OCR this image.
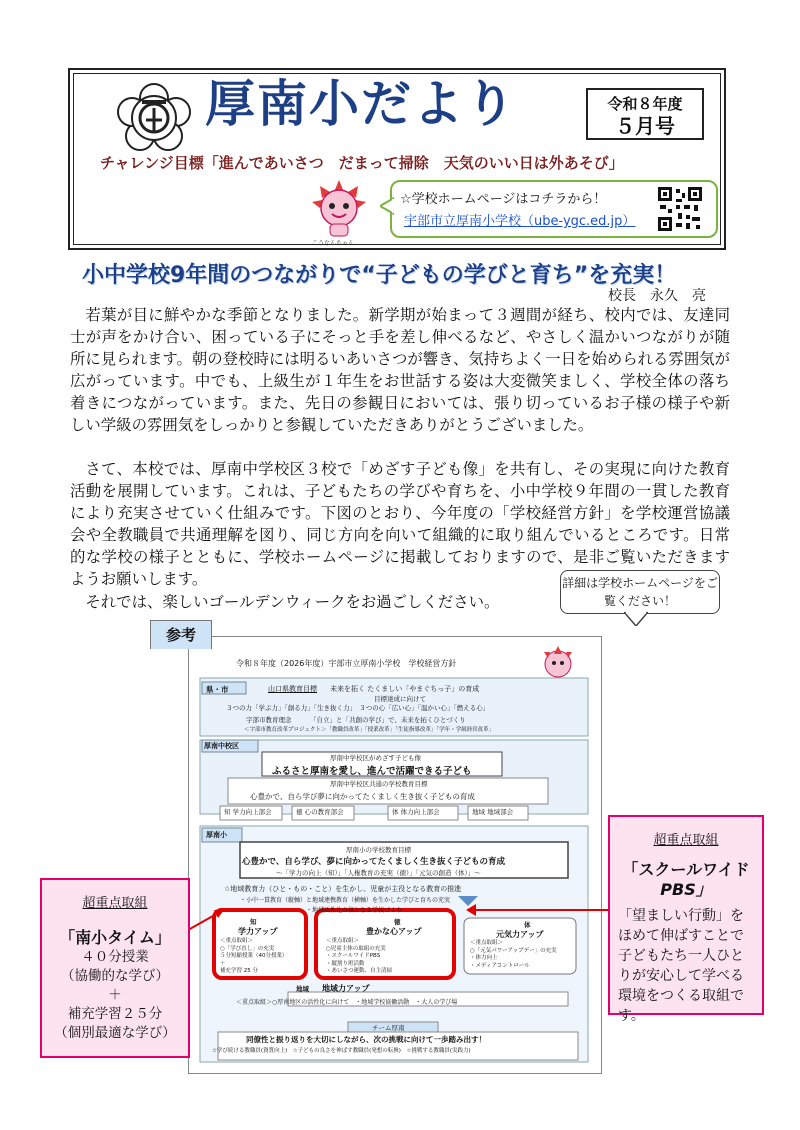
厚南小だより	令和８年度
５月号
チャレンジ目標「進んであいさつ　だまって掃除　天気のいい日は外あそび」
こうなんちゃん
☆学校ホームページはコチラから！
宇部市立厚南小学校（ube-ygc.ed.jp）
小中学校9年間のつながりで“子どもの学びと育ち”を充実！
校長　永久　亮
若葉が目に鮮やかな季節となりました。新学期が始まって３週間が経ち、校内では、友達同士が声をかけ合い、困っている子にそっと手を差し伸べるなど、やさしく温かいつながりが随所に見られます。朝の登校時には明るいあいさつが響き、気持ちよく一日を始められる雰囲気が広がっています。中でも、上級生が１年生をお世話する姿は大変微笑ましく、学校全体の落ち着きにつながっています。また、先日の参観日においては、張り切っているお子様の様子や新しい学級の雰囲気をしっかりと参観していただきありがとうございました。
さて、本校では、厚南中学校区３校で「めざす子ども像」を共有し、その実現に向けた教育活動を展開しています。これは、子どもたちの学びや育ちを、小中学校９年間の一貫した教育により充実させていく仕組みです。下図のとおり、今年度の「学校経営方針」を学校運営協議会や全教職員で共通理解を図り、同じ方向を向いて組織的に取り組んでいるところです。日常的な学校の様子とともに、学校ホームページに掲載しておりますので、是非ご覧いただきますようお願いします。
それでは、楽しいゴールデンウィークをお過ごしください。
詳細は学校ホームページをご覧ください！
参考
令和８年度（2026年度）宇部市立厚南小学校　学校経営方針
県・市	山口県教育目標 未来を拓く たくましい「やまぐちっ子」の育成
目標達成に向けて
３つの力「学ぶ力」「創る力」「生き抜く力」　３つの心「広い心」「温かい心」「燃える心」
宇部市教育理念	「自立」と「共創の学び」で、未来を拓くひとづくり
＜宇部市教育改革プロジェクト＞「教職員改革」「授業改革」「生徒指導改革」「学年・学級経営改革」
厚南中校区
厚南中学校区がめざす子ども像
ふるさと厚南を愛し、進んで活躍できる子ども
厚南中学校区共通の学校教育目標
心豊かで、自ら学び夢に向かってたくましく生き抜く子どもの育成
知 学力向上部会	徳 心の教育部会	体 体力向上部会	地域 地域部会
厚南小
厚南小の学校教育目標
心豊かで、自ら学び、夢に向かってたくましく生き抜く子どもの育成
～「学力の向上（知）」「人権教育の充実（徳）」「元気の創造（体）」～
☆地域教育力（ひと・もの・こと）を生かし、児童が主役となる教育の推進
・小中一貫教育（縦軸）と地域連携教育（横軸）を生かした学びと育ちの充実
・地域活性化の核となる学校づくり
知
学力アップ
＜重点取組＞
○「学び直し」の充実
５分短縮授業（40分授業）
＋
補充学習 25 分
徳
豊かな心アップ
＜重点取組＞
○児童主体の取組の充実
・スクールワイドPBS
・縦割り班活動
・あいさつ運動、自主清掃
体
元気力アップ
＜重点取組＞
○「元気パワーアップデー」の充実
・体力向上
・メディアコントロール
地域 地域力アップ
＜重点取組＞○厚南地区の活性化に向けて　・地域学校協働活動　・大人の学び場
チーム厚南
同僚性と振り返りを大切にしながら、次の挑戦に向けて一歩踏み出す！
☆学び続ける教職員(資質向上)　☆子どもの良さを伸ばす教職員(発想の転換)　☆挑戦する教職員(実践力)
超重点取組
「南小タイム」
４０分授業
（協働的な学び）
＋
補充学習２５分
（個別最適な学び）
超重点取組
「スクールワイド
PBS」
「望ましい行動」をほめて伸ばすことで子どもたち一人ひとりが安心して学べる環境をつくる取組です。
